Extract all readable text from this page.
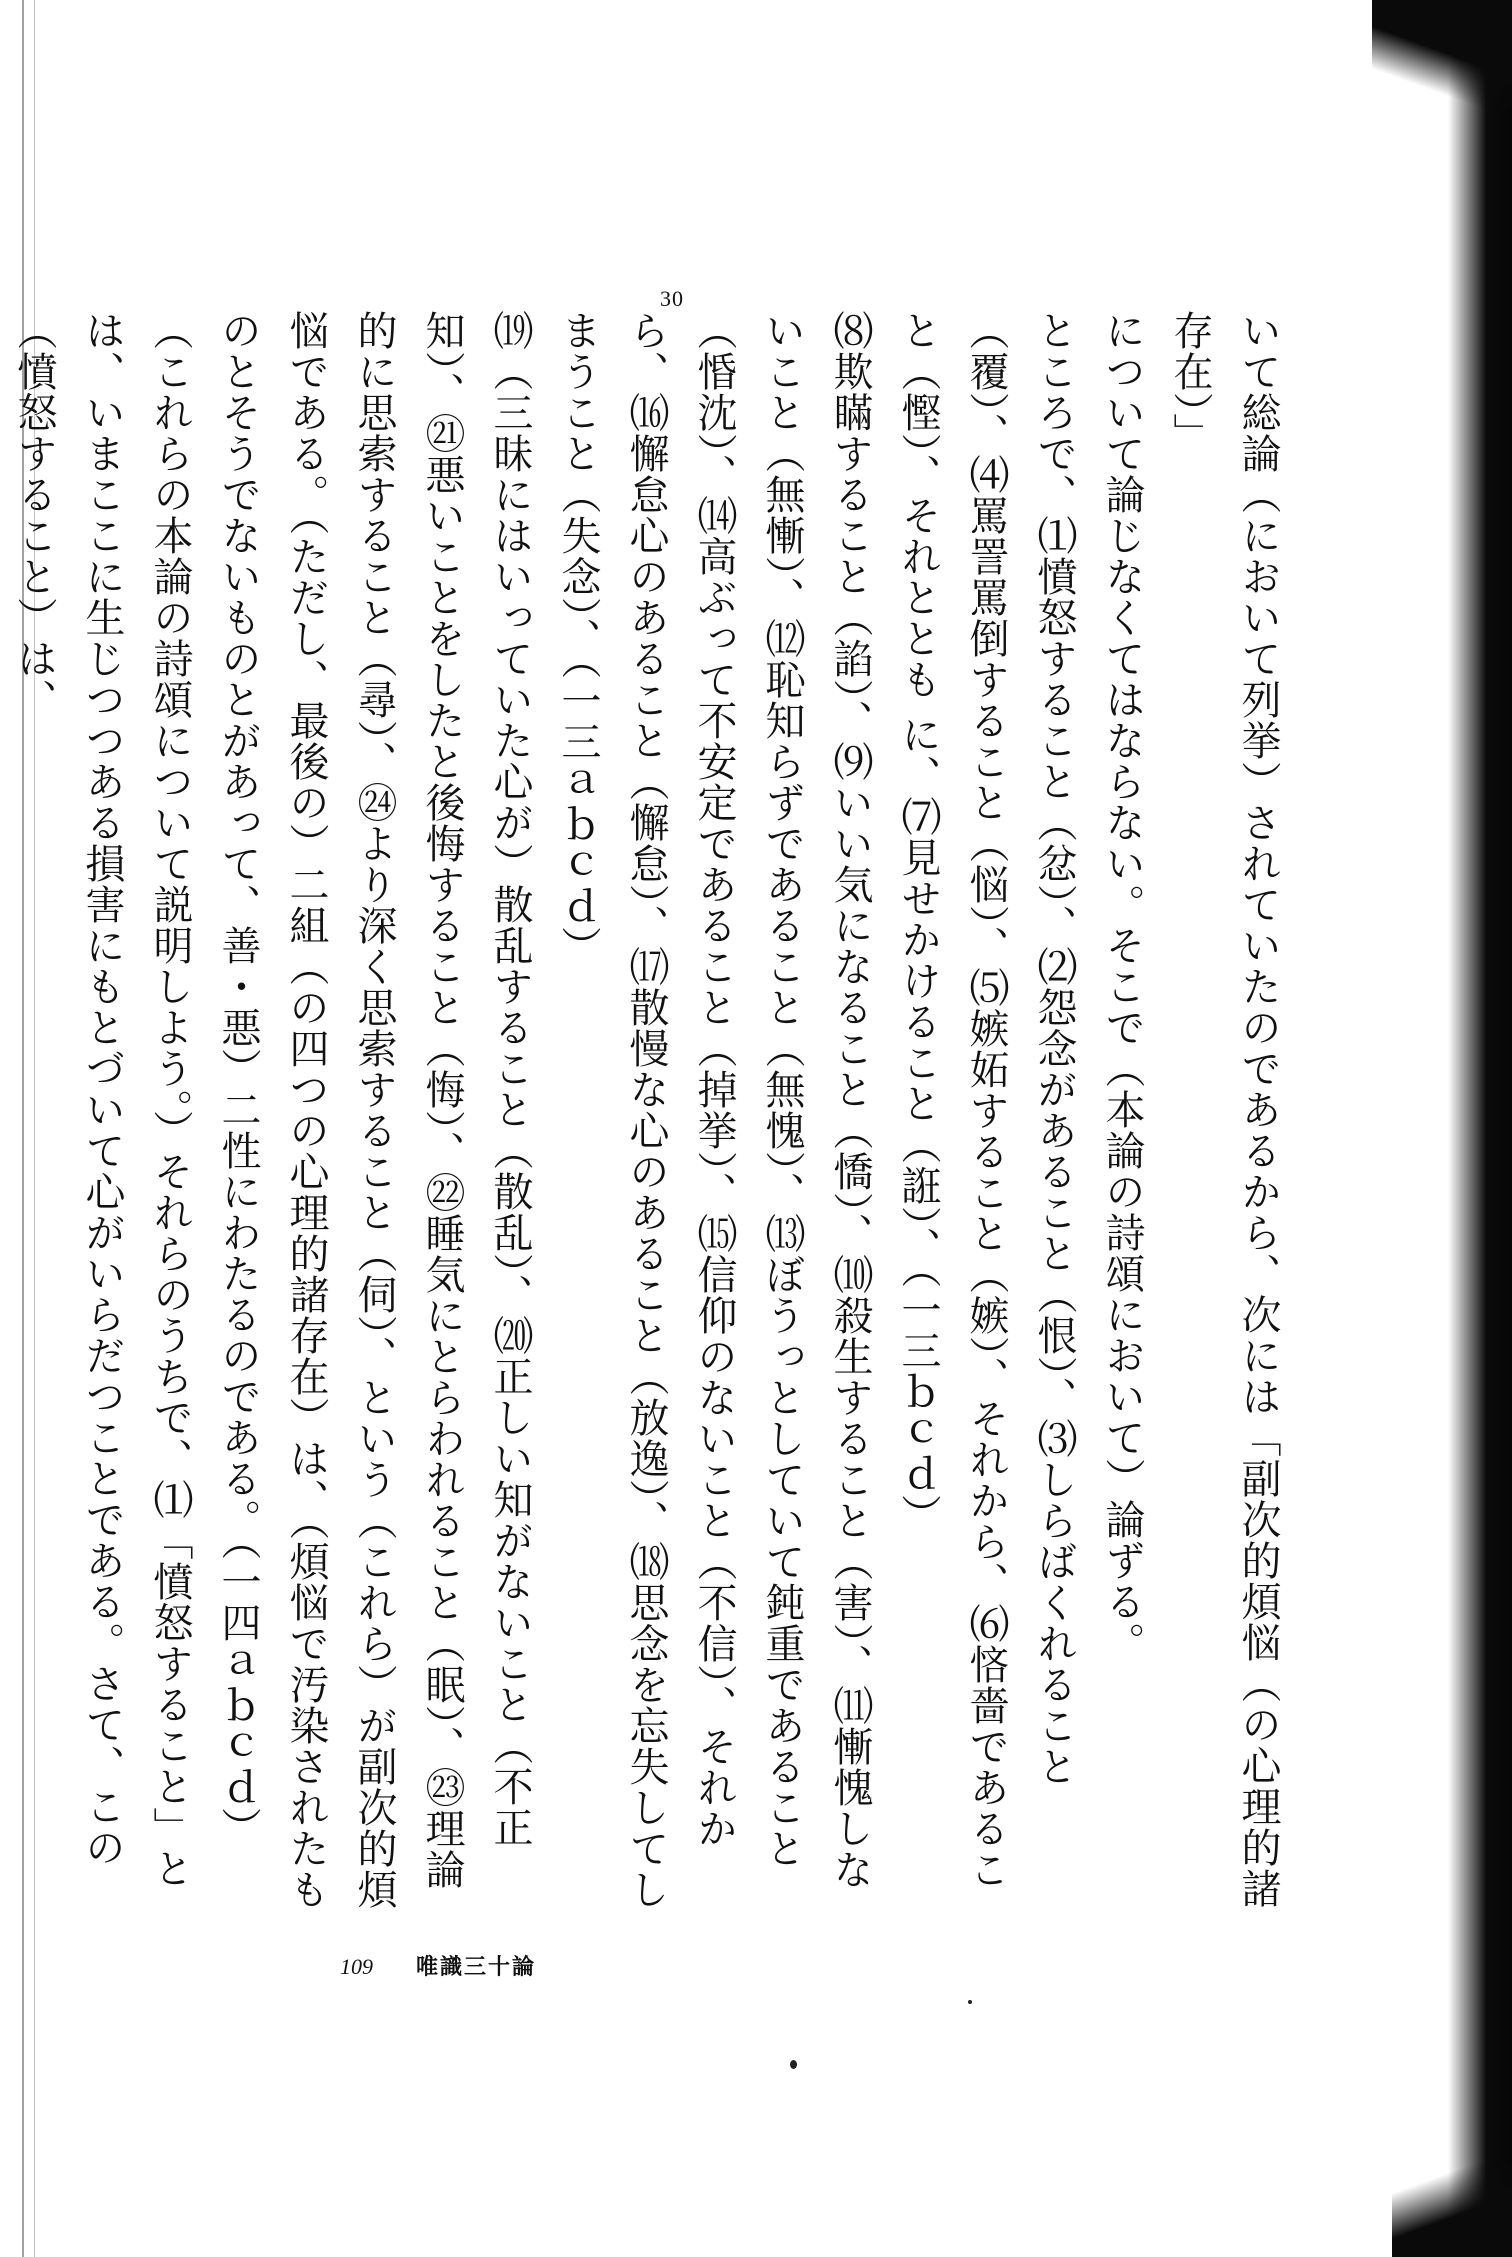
30

いて総論（において列挙）されていたのであるから、次には「副次的煩悩（の心理的諸存在）」

について論じなくてはならない。そこで（本論の詩頌において）論ずる。

ところで、⑴憤怒すること（忿）、⑵怨念があること（恨）、⑶しらばくれること（覆）、⑷罵詈罵倒すること（悩）、⑸嫉妬すること（嫉）、それから、⑹悋嗇であること（慳）、それととも に、⑺見せかけること（誑）、（一三ｂｃｄ）

⑻欺瞞すること（諂）、⑼いい気になること（憍）、⑽殺生すること（害）、⑾慚愧しないこと（無慚）、⑿恥知らずであること（無愧）、⒀ぼうっとしていて鈍重であること（惛沈）、⒁高ぶって不安定であること（掉挙）、⒂信仰のないこと（不信）、それから、⒃懈怠心のあること（懈怠）、⒄散慢な心のあること（放逸）、⒅思念を忘失してしまうこと（失念）、（一三ａｂｃｄ）

⒆（三昧にはいっていた心が）散乱すること（散乱）、⒇正しい知がないこと（不正知）、㉑悪いことをしたと後悔すること（悔）、㉒睡気にとらわれること（眠）、㉓理論的に思索すること（尋）、㉔より深く思索すること（伺）、という（これら）が副次的煩悩である。（ただし、最後の）二組（の四つの心理的諸存在）は、（煩悩で汚染されたものとそうでないものとがあって、善・悪）二性にわたるのである。（一四ａｂｃｄ）

（これらの本論の詩頌について説明しよう。）それらのうちで、⑴「憤怒すること」とは、いまここに生じつつある損害にもとづいて心がいらだつことである。さて、この（憤怒すること）は、

109 唯識三十論
